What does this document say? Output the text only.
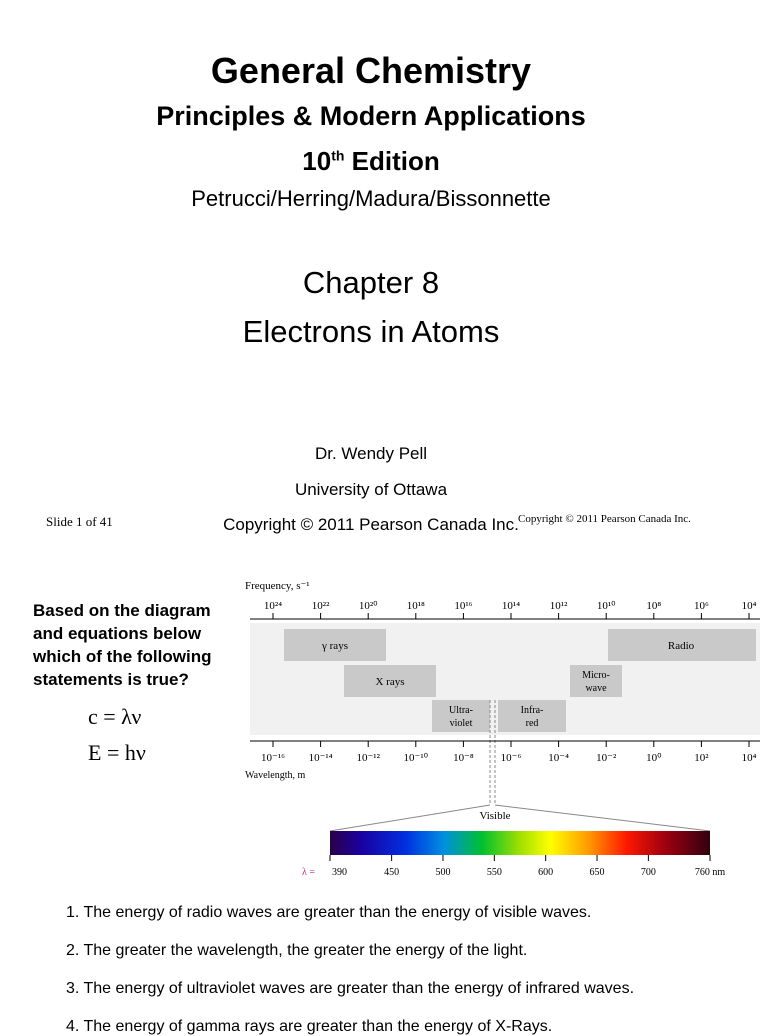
General Chemistry
Principles & Modern Applications
10th Edition
Petrucci/Herring/Madura/Bissonnette
Chapter 8
Electrons in Atoms
Dr. Wendy Pell
University of Ottawa
Copyright © 2011 Pearson Canada Inc.
Slide 1 of 41	Copyright © 2011 Pearson Canada Inc.
Based on the diagram and equations below which of the following statements is true?
c = λν
E = hν
Frequency, s⁻¹
10²⁴	10²²	10²⁰	10¹⁸	10¹⁶	10¹⁴	10¹²	10¹⁰	10⁸	10⁶	10⁴
γ rays	Radio
X rays
Micro-
wave
Ultra-
violet
Infra-
red
10⁻¹⁶ 10⁻¹⁴ 10⁻¹² 10⁻¹⁰ 10⁻⁸ 10⁻⁶ 10⁻⁴ 10⁻²	10⁰	10²	10⁴
Wavelength, m
Visible
390	450	500	550	600	650	700	760 nm
λ =
1. The energy of radio waves are greater than the energy of visible waves.
2. The greater the wavelength, the greater the energy of the light.
3. The energy of ultraviolet waves are greater than the energy of infrared waves.
4. The energy of gamma rays are greater than the energy of X-Rays.
